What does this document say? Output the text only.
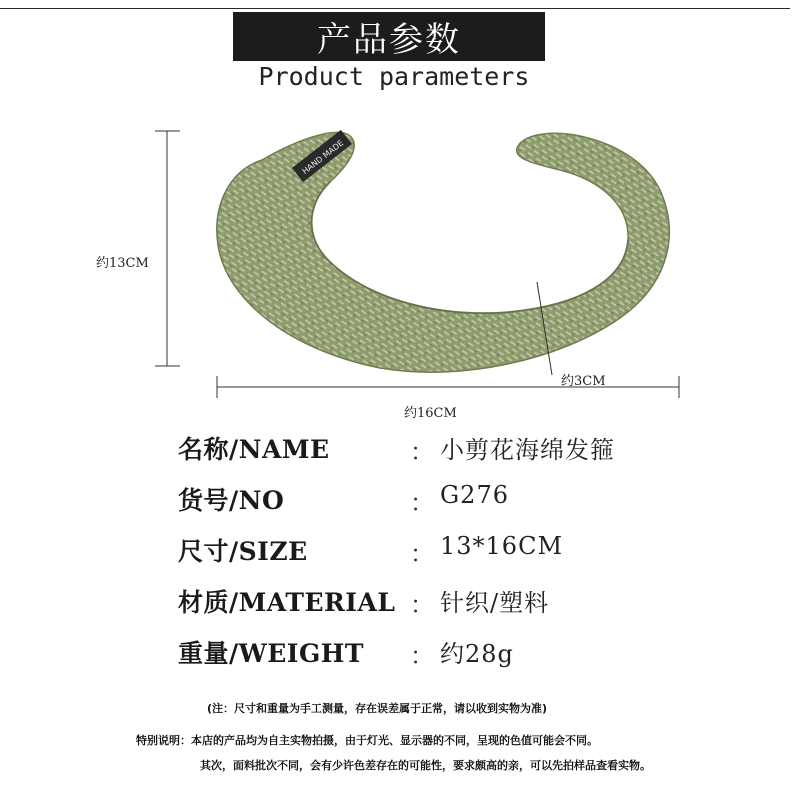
产品参数
Product parameters
HAND MADE
约13CM
约16CM
约3CM
名称/NAME	： 小剪花海绵发箍
货号/NO	： G276
尺寸/SIZE	： 13*16CM
材质/MATERIAL ： 针织/塑料
重量/WEIGHT ： 约28g
(注：尺寸和重量为手工测量，存在误差属于正常，请以收到实物为准)
特别说明：本店的产品均为自主实物拍摄，由于灯光、显示器的不同，呈现的色值可能会不同。
其次，面料批次不同，会有少许色差存在的可能性，要求颇高的亲，可以先拍样品查看实物。
